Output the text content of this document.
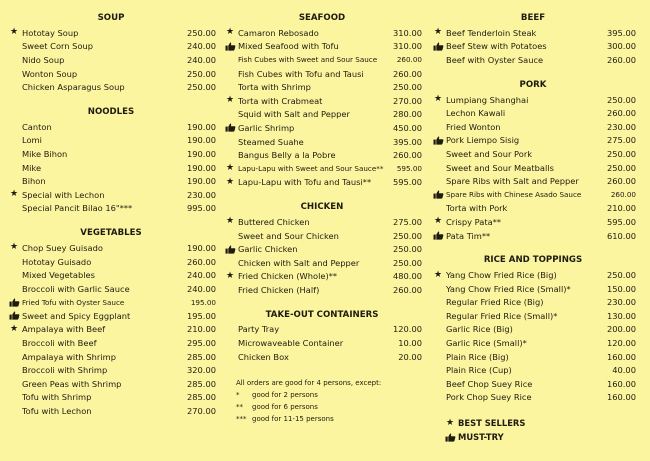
SOUP
★ Hototay Soup	250.00
Sweet Corn Soup	240.00
Nido Soup	240.00
Wonton Soup	250.00
Chicken Asparagus Soup	250.00
NOODLES
Canton	190.00
Lomi	190.00
Mike Bihon	190.00
Mike	190.00
Bihon	190.00
★ Special with Lechon	230.00
Special Pancit Bilao 16"***	995.00
VEGETABLES
★ Chop Suey Guisado	190.00
Hototay Guisado	260.00
Mixed Vegetables	240.00
Broccoli with Garlic Sauce	240.00
Fried Tofu with Oyster Sauce	195.00
Sweet and Spicy Eggplant	195.00
★ Ampalaya with Beef	210.00
Broccoli with Beef	295.00
Ampalaya with Shrimp	285.00
Broccoli with Shrimp	320.00
Green Peas with Shrimp	285.00
Tofu with Shrimp	285.00
Tofu with Lechon	270.00
SEAFOOD
★ Camaron Rebosado	310.00
Mixed Seafood with Tofu	310.00
Fish Cubes with Sweet and Sour Sauce	260.00
Fish Cubes with Tofu and Tausi	260.00
Torta with Shrimp	250.00
★ Torta with Crabmeat	270.00
Squid with Salt and Pepper	280.00
Garlic Shrimp	450.00
Steamed Suahe	395.00
Bangus Belly a la Pobre	260.00
★ Lapu-Lapu with Sweet and Sour Sauce**	595.00
★ Lapu-Lapu with Tofu and Tausi**	595.00
CHICKEN
★ Buttered Chicken	275.00
Sweet and Sour Chicken	250.00
Garlic Chicken	250.00
Chicken with Salt and Pepper	250.00
★ Fried Chicken (Whole)**	480.00
Fried Chicken (Half)	260.00
TAKE-OUT CONTAINERS
Party Tray	120.00
Microwaveable Container	10.00
Chicken Box	20.00
All orders are good for 4 persons, except:
* good for 2 persons
** good for 6 persons
*** good for 11-15 persons
BEEF
★ Beef Tenderloin Steak	395.00
Beef Stew with Potatoes	300.00
Beef with Oyster Sauce	260.00
PORK
★ Lumpiang Shanghai	250.00
Lechon Kawali	260.00
Fried Wonton	230.00
Pork Liempo Sisig	275.00
Sweet and Sour Pork	250.00
Sweet and Sour Meatballs	250.00
Spare Ribs with Salt and Pepper	260.00
Spare Ribs with Chinese Asado Sauce	260.00
Torta with Pork	210.00
★ Crispy Pata**	595.00
Pata Tim**	610.00
RICE AND TOPPINGS
★ Yang Chow Fried Rice (Big)	250.00
Yang Chow Fried Rice (Small)*	150.00
Regular Fried Rice (Big)	230.00
Regular Fried Rice (Small)*	130.00
Garlic Rice (Big)	200.00
Garlic Rice (Small)*	120.00
Plain Rice (Big)	160.00
Plain Rice (Cup)	40.00
Beef Chop Suey Rice	160.00
Pork Chop Suey Rice	160.00
★ BEST SELLERS
MUST-TRY
